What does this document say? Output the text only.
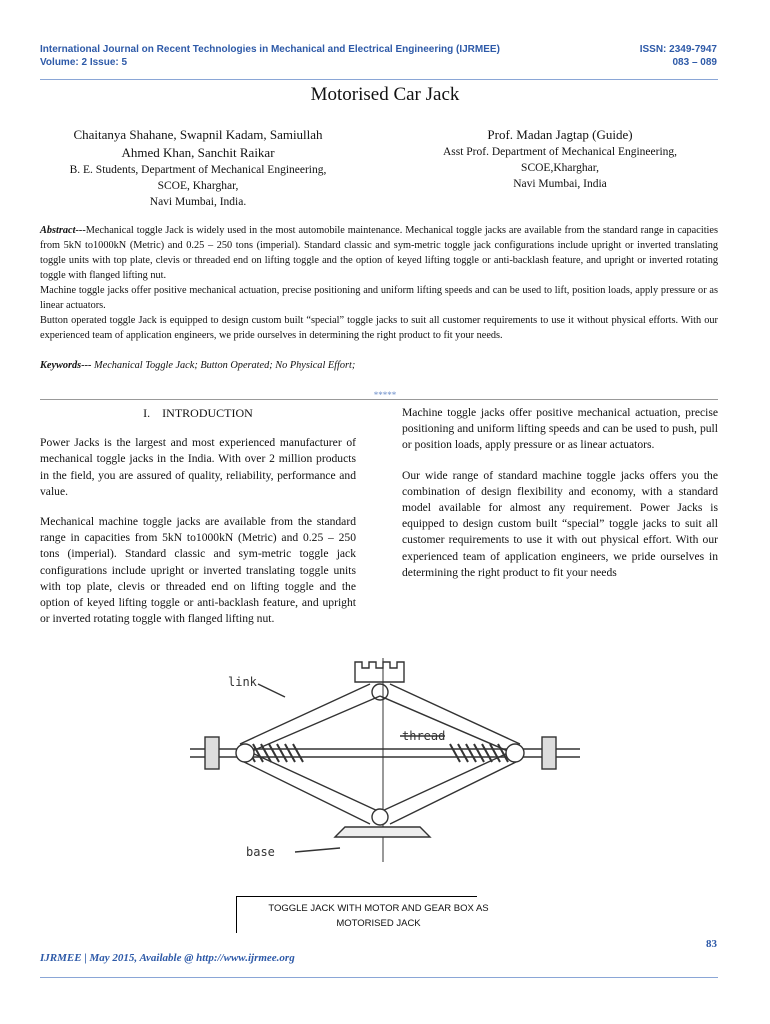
International Journal on Recent Technologies in Mechanical and Electrical Engineering (IJRMEE)
Volume: 2 Issue: 5
ISSN: 2349-7947
083 – 089
Motorised Car Jack
Chaitanya Shahane, Swapnil Kadam, Samiullah
Ahmed Khan, Sanchit Raikar
B. E. Students, Department of Mechanical Engineering,
SCOE, Kharghar,
Navi Mumbai, India.
Prof. Madan Jagtap (Guide)
Asst Prof. Department of Mechanical Engineering,
SCOE,Kharghar,
Navi Mumbai, India

Abstract---Mechanical toggle Jack is widely used in the most automobile maintenance. Mechanical toggle jacks are available from the standard range in capacities from 5kN to1000kN (Metric) and 0.25 – 250 tons (imperial). Standard classic and sym-metric toggle jack configurations include upright or inverted translating toggle units with top plate, clevis or threaded end on lifting toggle and the option of keyed lifting toggle or anti-backlash feature, and upright or inverted rotating toggle with flanged lifting nut.

Machine toggle jacks offer positive mechanical actuation, precise positioning and uniform lifting speeds and can be used to lift, position loads, apply pressure or as linear actuators.

Button operated toggle Jack is equipped to design custom built “special” toggle jacks to suit all customer requirements to use it without physical efforts. With our experienced team of application engineers, we pride ourselves in determining the right product to fit your needs.

Keywords--- Mechanical Toggle Jack; Button Operated; No Physical Effort;
*****
I. INTRODUCTION

Power Jacks is the largest and most experienced manufacturer of mechanical toggle jacks in the India. With over 2 million products in the field, you are assured of quality, reliability, performance and value.

Mechanical machine toggle jacks are available from the standard range in capacities from 5kN to1000kN (Metric) and 0.25 – 250 tons (imperial). Standard classic and sym-metric toggle jack configurations include upright or inverted translating toggle units with top plate, clevis or threaded end on lifting toggle and the option of keyed lifting toggle or anti-backlash feature, and upright or inverted rotating toggle with flanged lifting nut.

Machine toggle jacks offer positive mechanical actuation, precise positioning and uniform lifting speeds and can be used to push, pull or position loads, apply pressure or as linear actuators.

Our wide range of standard machine toggle jacks offers you the combination of design flexibility and economy, with a standard model available for almost any requirement. Power Jacks is equipped to design custom built “special” toggle jacks to suit all customer requirements to use it with out physical effort. With our experienced team of application engineers, we pride ourselves in determining the right product to fit your needs

link
thread
base
TOGGLE JACK WITH MOTOR AND GEAR BOX AS
MOTORISED JACK
83
IJRMEE | May 2015, Available @ http://www.ijrmee.org
